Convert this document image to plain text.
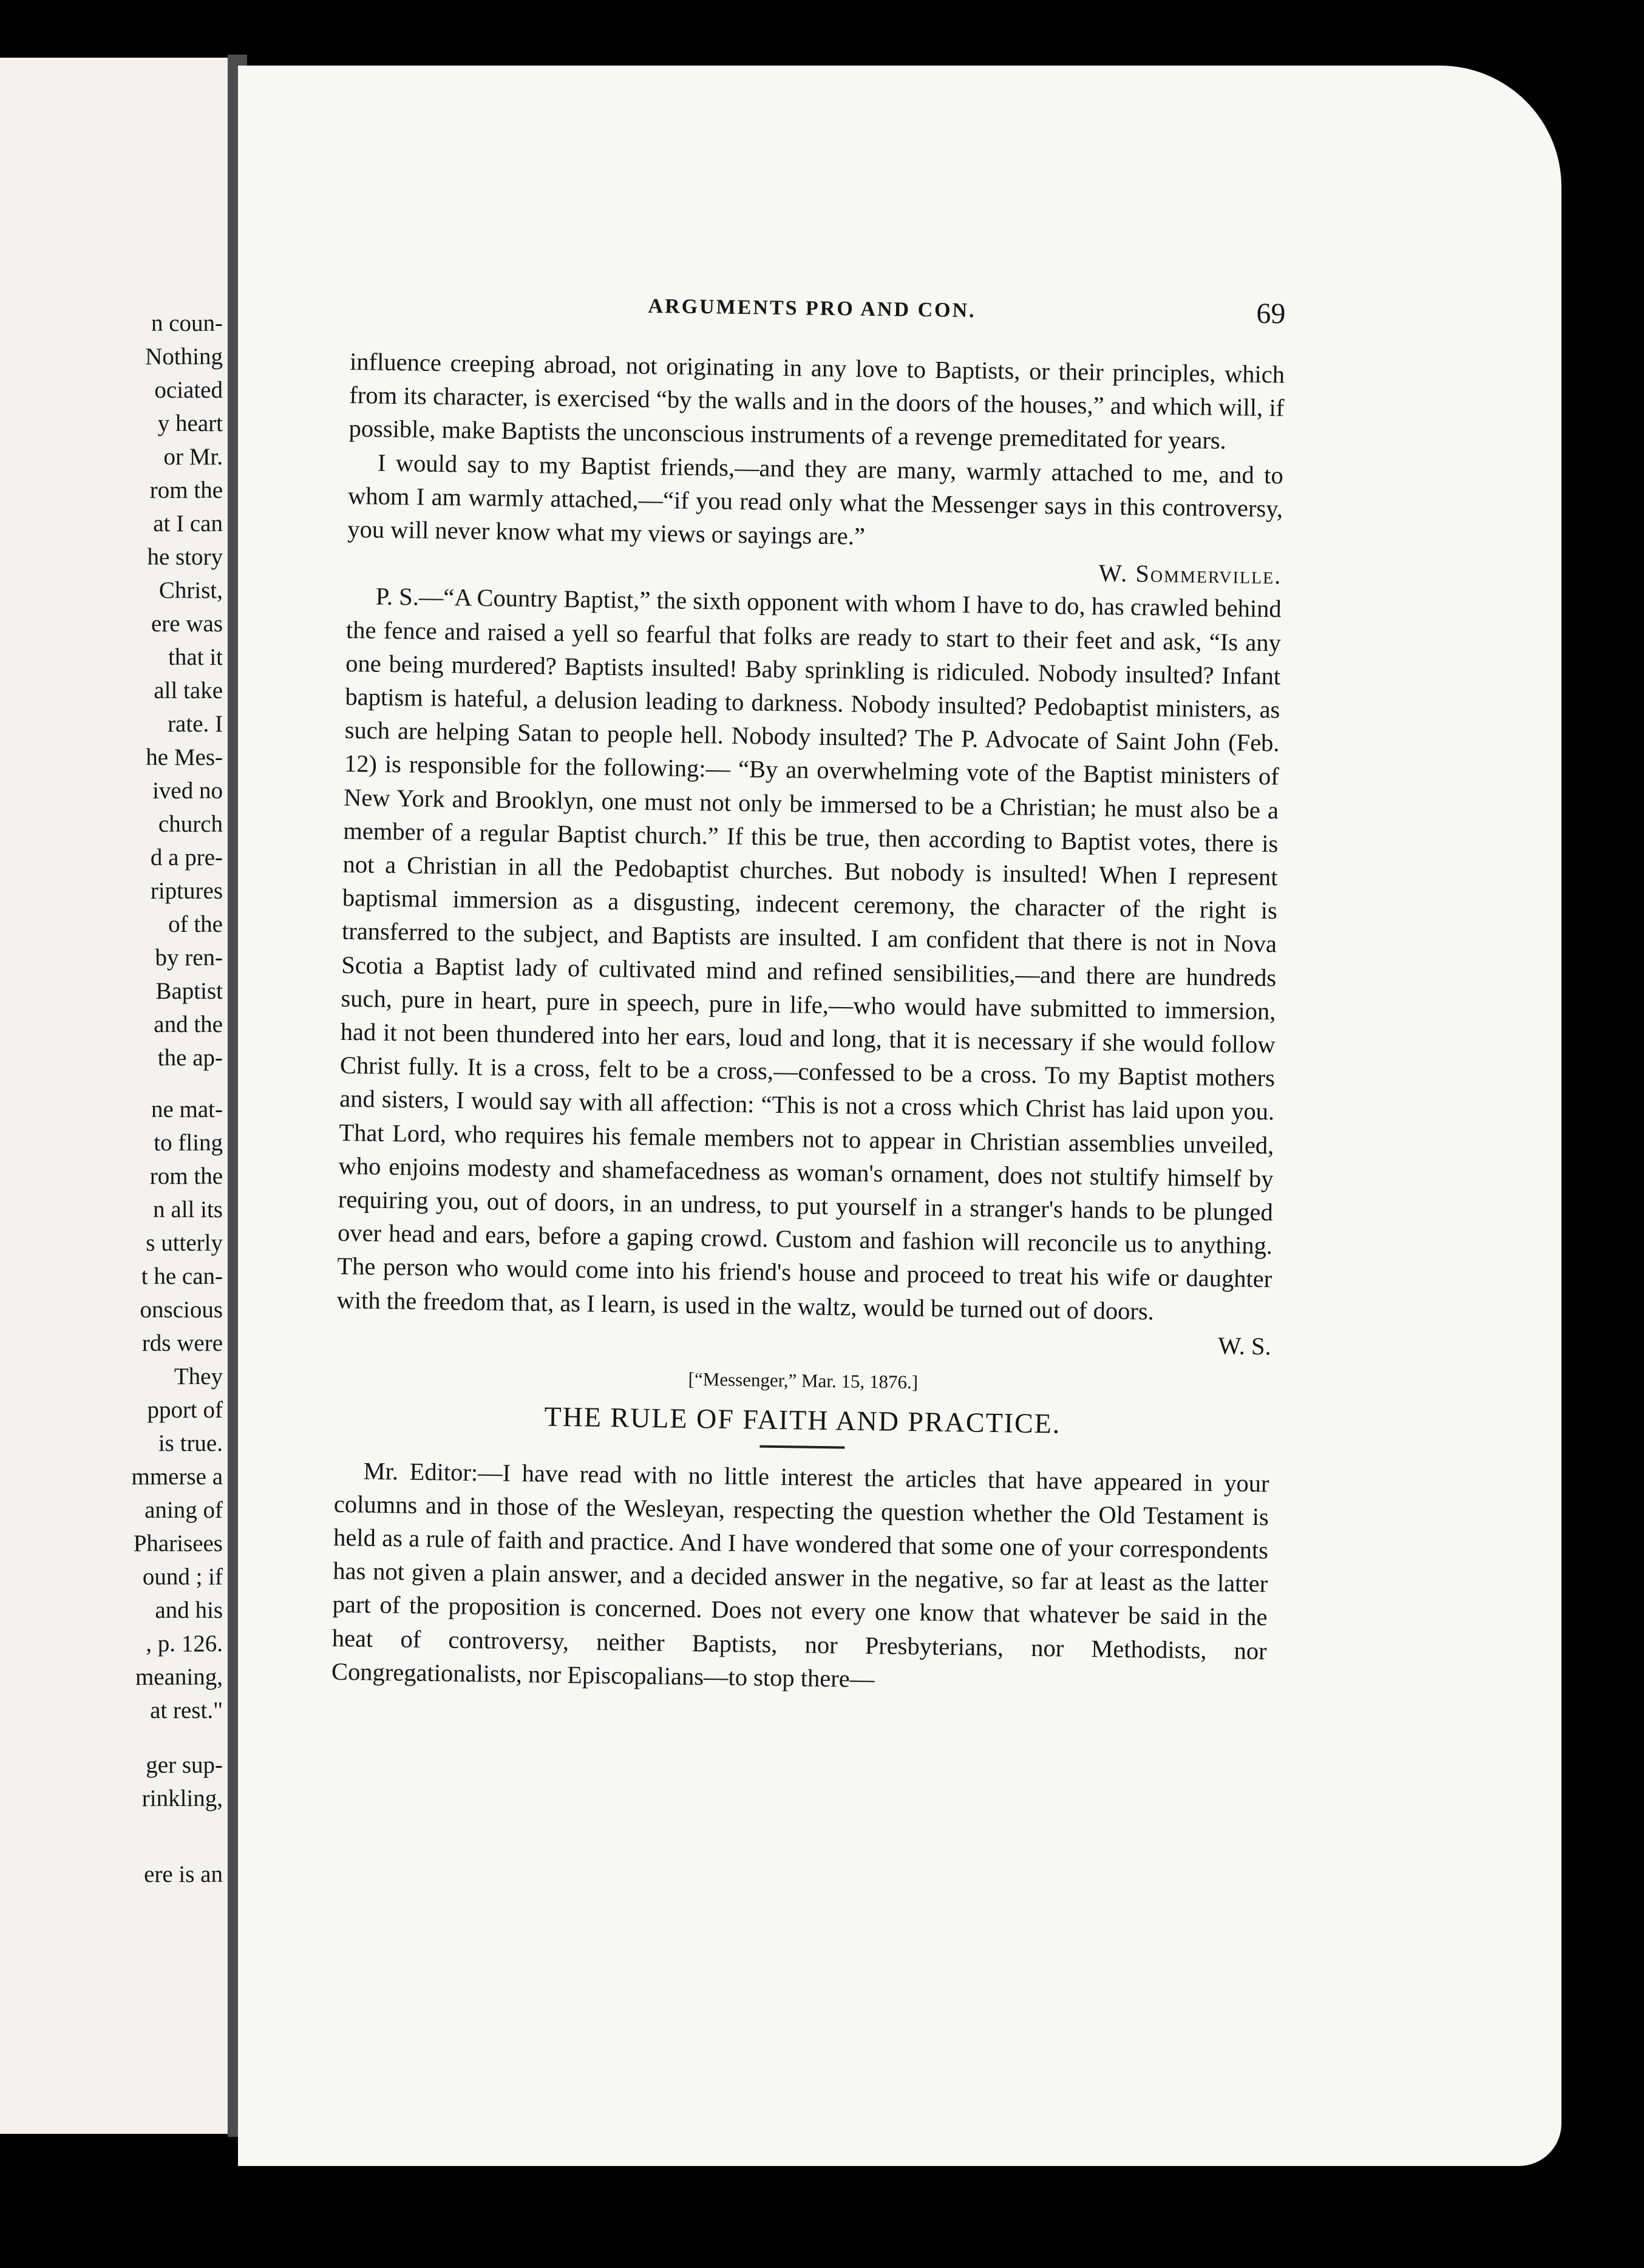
n coun-
Nothing
ociated
y heart
or Mr.
rom the
at I can
he story
Christ,
ere was
that it
all take
rate. I
he Mes-
ived no
church
d a pre-
riptures
of the
by ren-
Baptist
and the
the ap-
ne mat-
to fling
rom the
n all its
s utterly
t he can-
onscious
rds were
They
pport of
is true.
mmerse a
aning of
Pharisees
ound ; if
and his
, p. 126.
meaning,
at rest."
ger sup-
rinkling,
ere is an
ARGUMENTS PRO AND CON.	69

influence creeping abroad, not originating in any love to Baptists, or their principles, which from its character, is exercised “by the walls and in the doors of the houses,” and which will, if possible, make Baptists the unconscious instruments of a revenge premeditated for years.

I would say to my Baptist friends,—and they are many, warmly attached to me, and to whom I am warmly attached,—“if you read only what the Messenger says in this controversy, you will never know what my views or sayings are.”

W. Sommerville.

P. S.—“A Country Baptist,” the sixth opponent with whom I have to do, has crawled behind the fence and raised a yell so fearful that folks are ready to start to their feet and ask, “Is any one being murdered? Baptists insulted! Baby sprinkling is ridiculed. Nobody insulted? Infant baptism is hateful, a delusion leading to darkness. Nobody insulted? Pedobaptist ministers, as such are helping Satan to people hell. Nobody insulted? The P. Advocate of Saint John (Feb. 12) is responsible for the following:— “By an overwhelming vote of the Baptist ministers of New York and Brooklyn, one must not only be immersed to be a Christian; he must also be a member of a regular Baptist church.” If this be true, then according to Baptist votes, there is not a Christian in all the Pedobaptist churches. But nobody is insulted! When I represent baptismal immersion as a disgusting, indecent ceremony, the character of the right is transferred to the subject, and Baptists are insulted. I am confident that there is not in Nova Scotia a Baptist lady of cultivated mind and refined sensibilities,—and there are hundreds such, pure in heart, pure in speech, pure in life,—who would have submitted to immersion, had it not been thundered into her ears, loud and long, that it is necessary if she would follow Christ fully. It is a cross, felt to be a cross,—confessed to be a cross. To my Baptist mothers and sisters, I would say with all affection: “This is not a cross which Christ has laid upon you. That Lord, who requires his female members not to appear in Christian assemblies unveiled, who enjoins modesty and shamefacedness as woman's ornament, does not stultify himself by requiring you, out of doors, in an undress, to put yourself in a stranger's hands to be plunged over head and ears, before a gaping crowd. Custom and fashion will reconcile us to anything. The person who would come into his friend's house and proceed to treat his wife or daughter with the freedom that, as I learn, is used in the waltz, would be turned out of doors.

W. S.

[“Messenger,” Mar. 15, 1876.]

THE RULE OF FAITH AND PRACTICE.

Mr. Editor:—I have read with no little interest the articles that have appeared in your columns and in those of the Wesleyan, respecting the question whether the Old Testament is held as a rule of faith and practice. And I have wondered that some one of your correspondents has not given a plain answer, and a decided answer in the negative, so far at least as the latter part of the proposition is concerned. Does not every one know that whatever be said in the heat of controversy, neither Baptists, nor Presbyterians, nor Methodists, nor Congregationalists, nor Episcopalians—to stop there—
